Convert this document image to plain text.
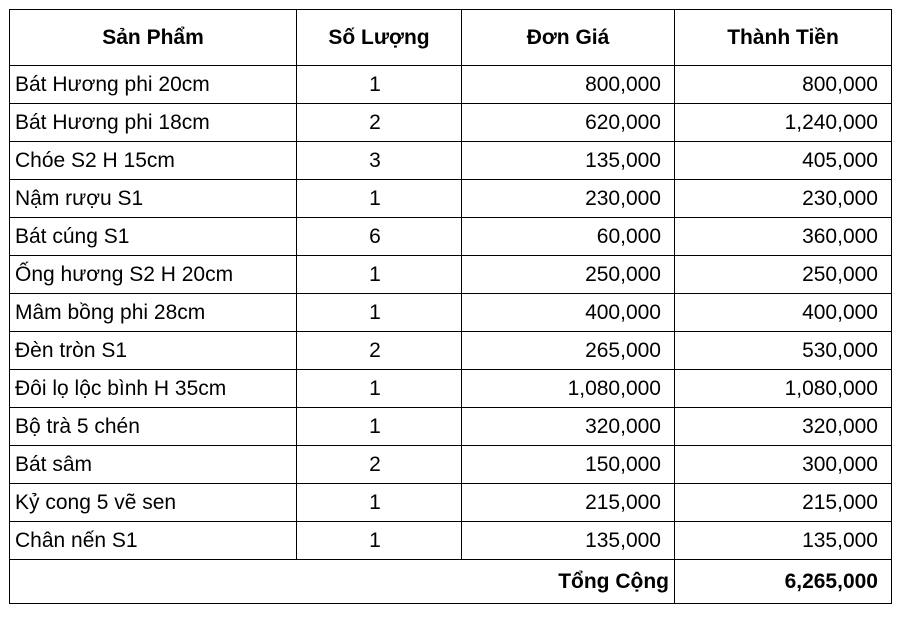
Sản Phẩm	Số Lượng	Đơn Giá	Thành Tiền
Bát Hương phi 20cm	1	800,000	800,000
Bát Hương phi 18cm	2	620,000	1,240,000
Chóe S2 H 15cm	3	135,000	405,000
Nậm rượu S1	1	230,000	230,000
Bát cúng S1	6	60,000	360,000
Ống hương S2 H 20cm	1	250,000	250,000
Mâm bồng phi 28cm	1	400,000	400,000
Đèn tròn S1	2	265,000	530,000
Đôi lọ lộc bình H 35cm	1	1,080,000	1,080,000
Bộ trà 5 chén	1	320,000	320,000
Bát sâm	2	150,000	300,000
Kỷ cong 5 vẽ sen	1	215,000	215,000
Chân nến S1	1	135,000	135,000
Tổng Cộng			6,265,000
